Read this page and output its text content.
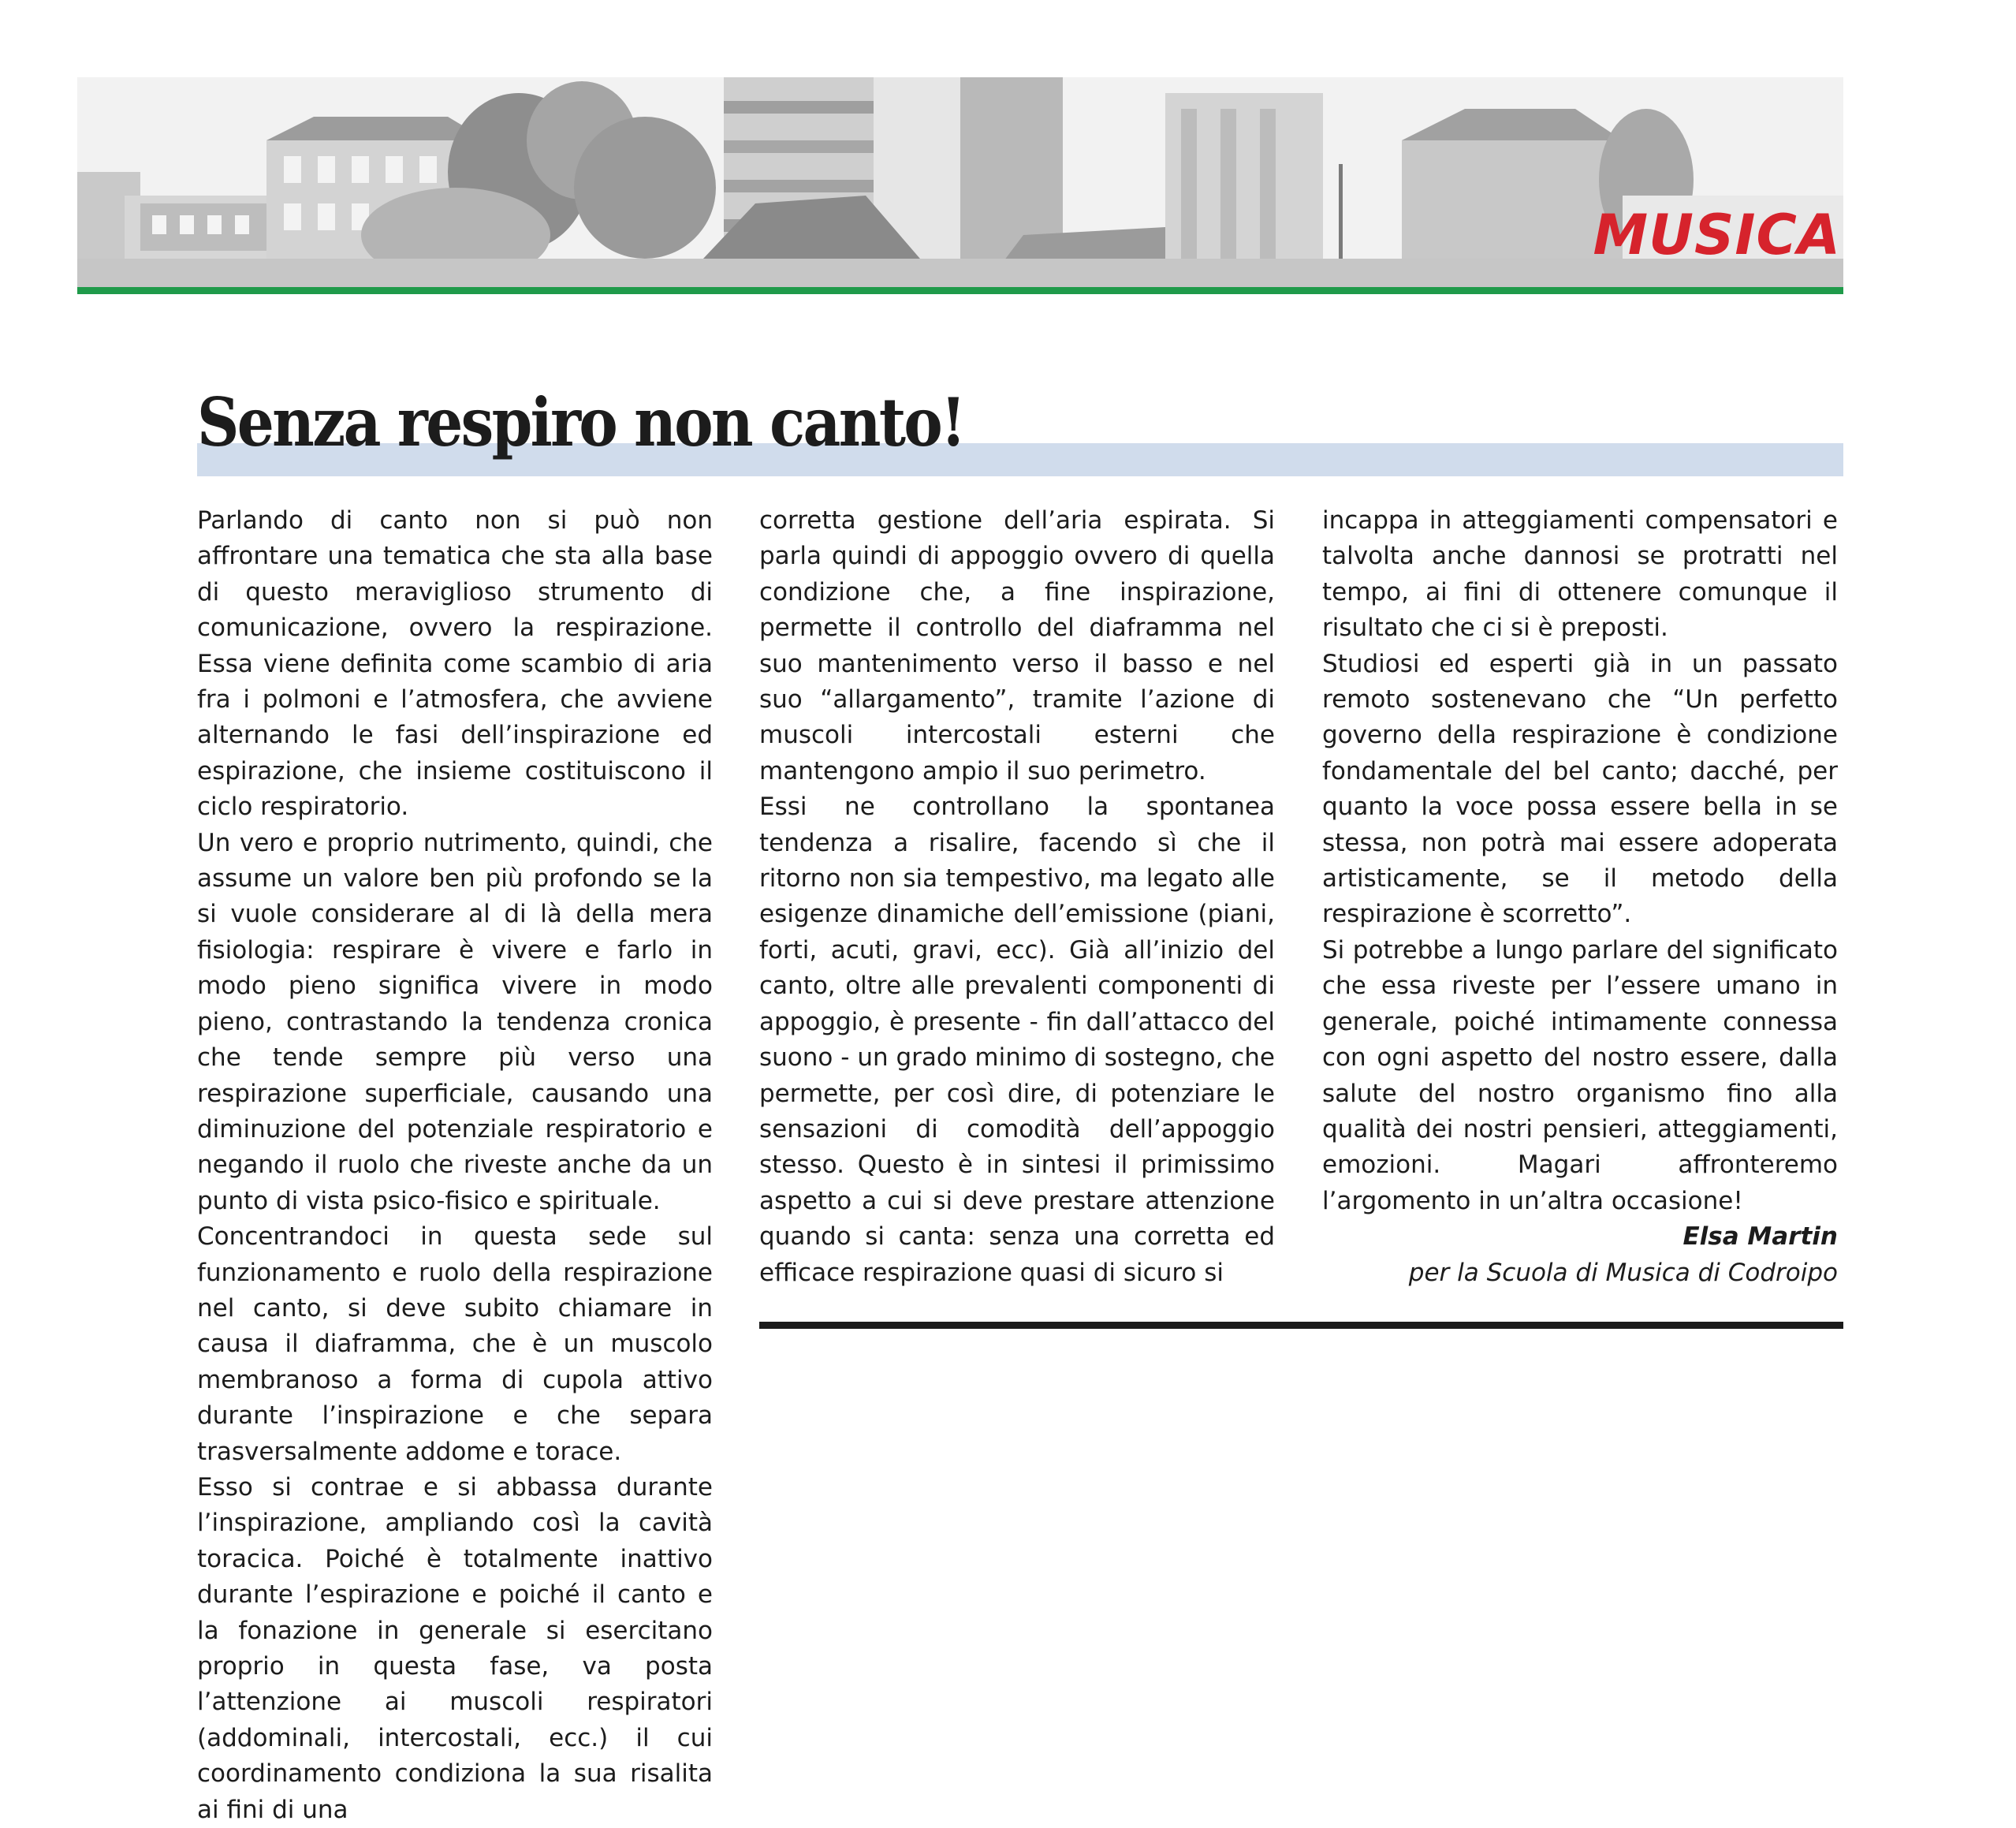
MUSICA
Senza respiro non canto!

Parlando di canto non si può non affrontare una tematica che sta alla base di questo meraviglioso strumento di comunicazione, ovvero la respirazione. Essa viene definita come scambio di aria fra i polmoni e l’atmosfera, che avviene alternando le fasi dell’inspirazione ed espirazione, che insieme costituiscono il ciclo respiratorio.

Un vero e proprio nutrimento, quindi, che assume un valore ben più profondo se la si vuole considerare al di là della mera fisiologia: respirare è vivere e farlo in modo pieno significa vivere in modo pieno, contrastando la tendenza cronica che tende sempre più verso una respirazione superficiale, causando una diminuzione del potenziale respiratorio e negando il ruolo che riveste anche da un punto di vista psico-fisico e spirituale.

Concentrandoci in questa sede sul funzionamento e ruolo della respirazione nel canto, si deve subito chiamare in causa il diaframma, che è un muscolo membranoso a forma di cupola attivo durante l’inspirazione e che separa trasversalmente addome e torace.

Esso si contrae e si abbassa durante l’inspirazione, ampliando così la cavità toracica. Poiché è totalmente inattivo durante l’espirazione e poiché il canto e la fonazione in generale si esercitano proprio in questa fase, va posta l’attenzione ai muscoli respiratori (addominali, intercostali, ecc.) il cui coordinamento condiziona la sua risalita ai fini di una

corretta gestione dell’aria espirata. Si parla quindi di appoggio ovvero di quella condizione che, a fine inspirazione, permette il controllo del diaframma nel suo mantenimento verso il basso e nel suo “allargamento”, tramite l’azione di muscoli intercostali esterni che mantengono ampio il suo perimetro.

Essi ne controllano la spontanea tendenza a risalire, facendo sì che il ritorno non sia tempestivo, ma legato alle esigenze dinamiche dell’emissione (piani, forti, acuti, gravi, ecc). Già all’inizio del canto, oltre alle prevalenti componenti di appoggio, è presente - fin dall’attacco del suono - un grado minimo di sostegno, che permette, per così dire, di potenziare le sensazioni di comodità dell’appoggio stesso. Questo è in sintesi il primissimo aspetto a cui si deve prestare attenzione quando si canta: senza una corretta ed efficace respirazione quasi di sicuro si

incappa in atteggiamenti compensatori e talvolta anche dannosi se protratti nel tempo, ai fini di ottenere comunque il risultato che ci si è preposti.

Studiosi ed esperti già in un passato remoto sostenevano che “Un perfetto governo della respirazione è condizione fondamentale del bel canto; dacché, per quanto la voce possa essere bella in se stessa, non potrà mai essere adoperata artisticamente, se il metodo della respirazione è scorretto”.

Si potrebbe a lungo parlare del significato che essa riveste per l’essere umano in generale, poiché intimamente connessa con ogni aspetto del nostro essere, dalla salute del nostro organismo fino alla qualità dei nostri pensieri, atteggiamenti, emozioni. Magari affronteremo l’argomento in un’altra occasione!

Elsa Martin

per la Scuola di Musica di Codroipo
